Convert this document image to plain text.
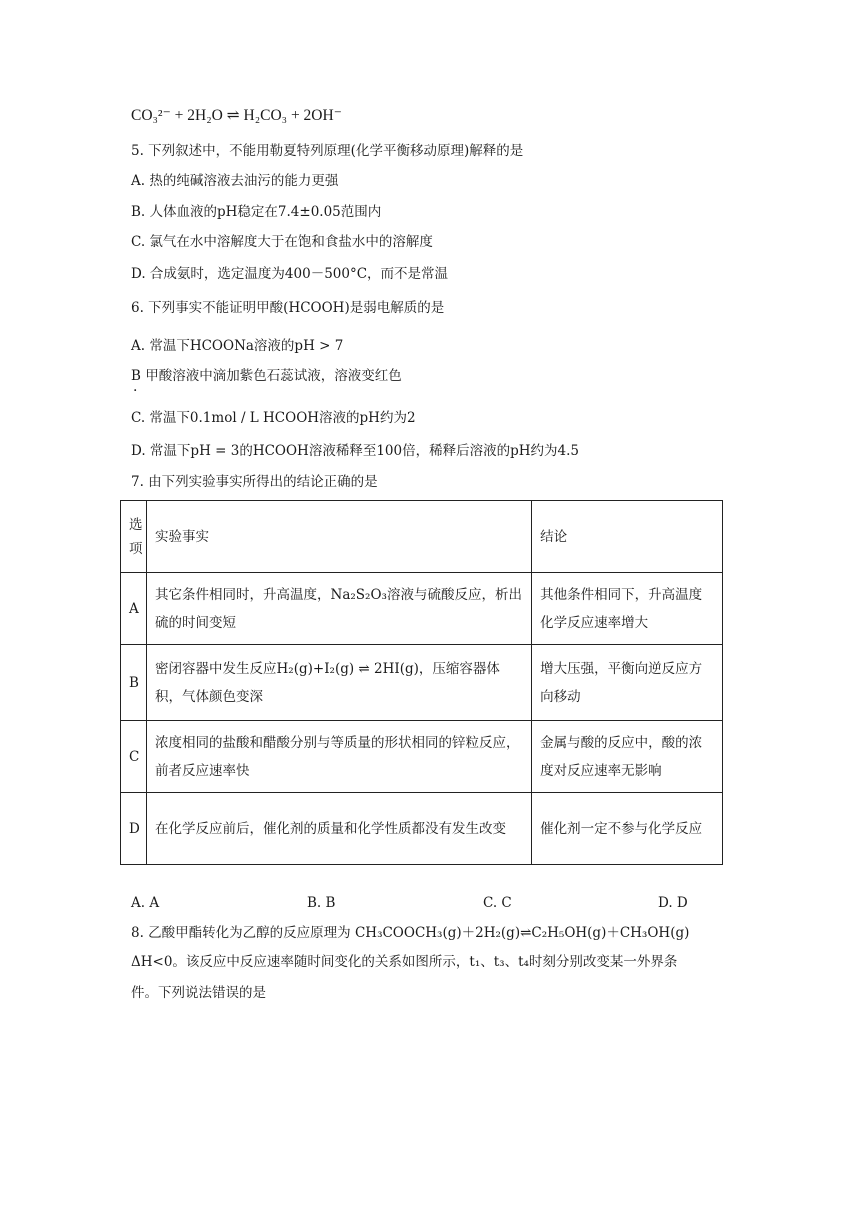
CO₃²⁻ + 2H₂O ⇌ H₂CO₃ + 2OH⁻
5. 下列叙述中，不能用勒夏特列原理(化学平衡移动原理)解释的是
A. 热的纯碱溶液去油污的能力更强
B. 人体血液的pH稳定在7.4±0.05范围内
C. 氯气在水中溶解度大于在饱和食盐水中的溶解度
D. 合成氨时，选定温度为400－500°C，而不是常温
6. 下列事实不能证明甲酸(HCOOH)是弱电解质的是
A. 常温下HCOONa溶液的pH > 7
B 甲酸溶液中滴加紫色石蕊试液，溶液变红色
·
C. 常温下0.1mol / L HCOOH溶液的pH约为2
D. 常温下pH = 3的HCOOH溶液稀释至100倍，稀释后溶液的pH约为4.5
7. 由下列实验事实所得出的结论正确的是
选项	实验事实	结论
A	其它条件相同时，升高温度，Na₂S₂O₃溶液与硫酸反应，析出硫的时间变短	其他条件相同下，升高温度化学反应速率增大
B	密闭容器中发生反应H₂(g)+I₂(g) ⇌ 2HI(g)，压缩容器体积，气体颜色变深	增大压强，平衡向逆反应方向移动
C	浓度相同的盐酸和醋酸分别与等质量的形状相同的锌粒反应，前者反应速率快	金属与酸的反应中，酸的浓度对反应速率无影响
D	在化学反应前后，催化剂的质量和化学性质都没有发生改变	催化剂一定不参与化学反应
A. A	B. B	C. C	D. D
8. 乙酸甲酯转化为乙醇的反应原理为 CH₃COOCH₃(g)＋2H₂(g)⇌C₂H₅OH(g)＋CH₃OH(g)
ΔH<0。该反应中反应速率随时间变化的关系如图所示，t₁、t₃、t₄时刻分别改变某一外界条
件。下列说法错误的是
